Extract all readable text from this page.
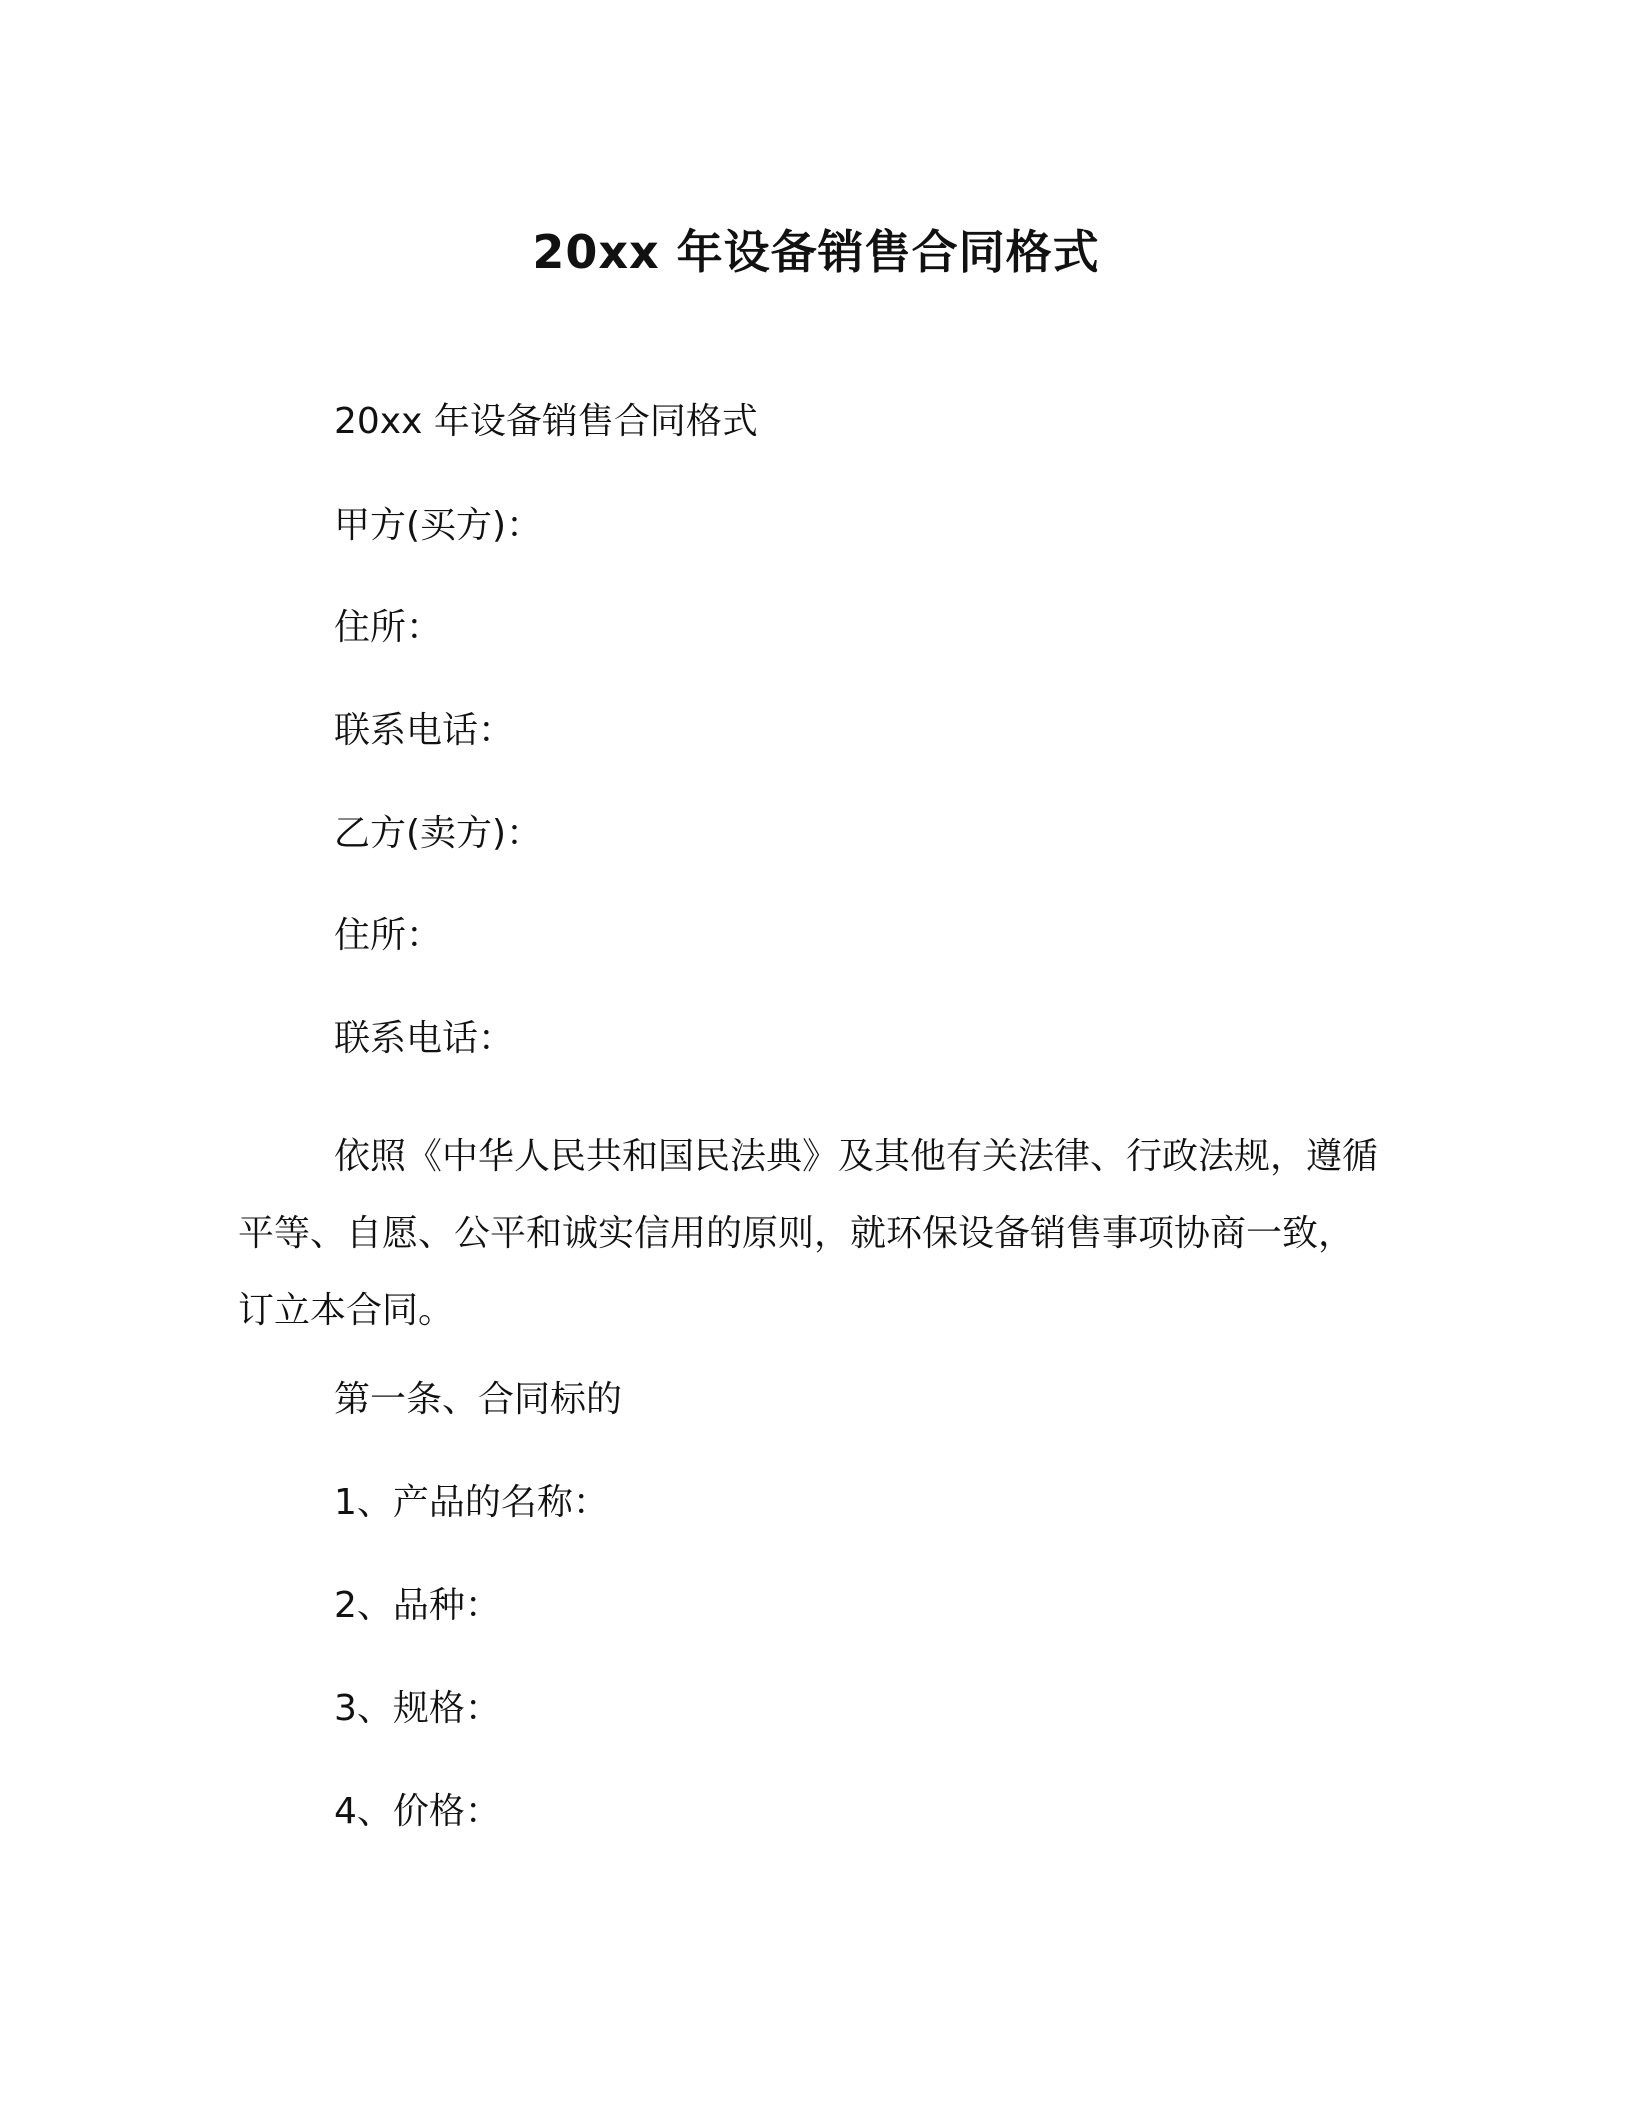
20xx 年设备销售合同格式
20xx 年设备销售合同格式
甲方(买方)：
住所：
联系电话：
乙方(卖方)：
住所：
联系电话：
依照《中华人民共和国民法典》及其他有关法律、行政法规，遵循平等、自愿、公平和诚实信用的原则，就环保设备销售事项协商一致，订立本合同。
第一条、合同标的
1、产品的名称：
2、品种：
3、规格：
4、价格：
